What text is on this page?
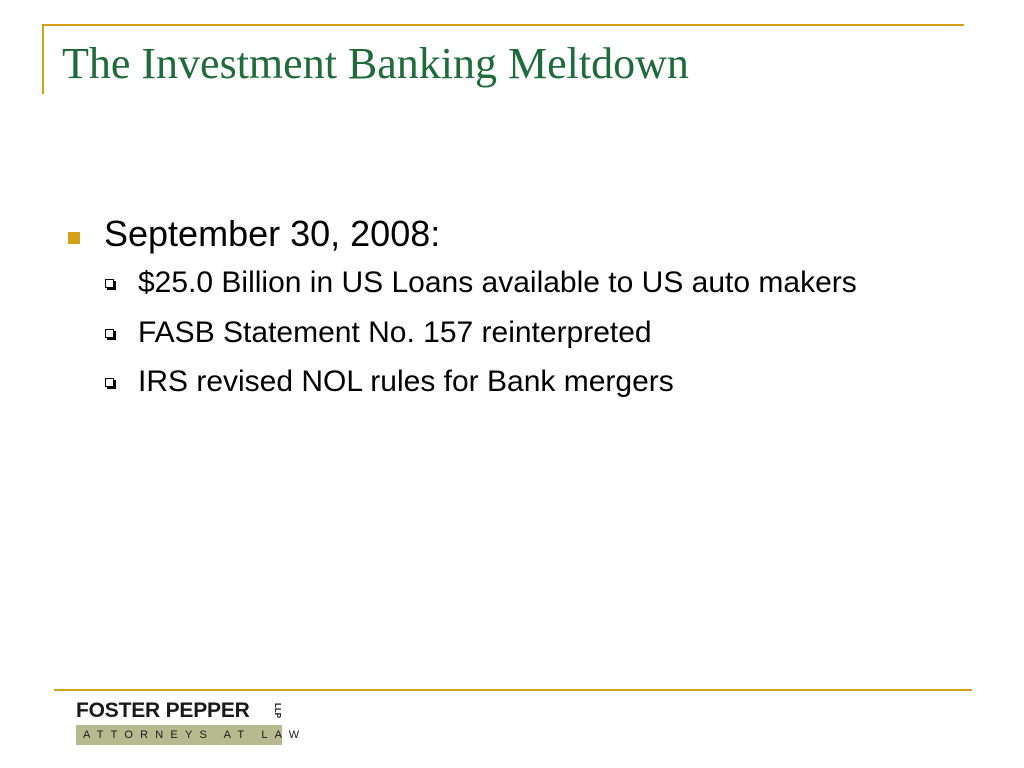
The Investment Banking Meltdown
September 30, 2008:
$25.0 Billion in US Loans available to US auto makers
FASB Statement No. 157 reinterpreted
IRS revised NOL rules for Bank mergers
FOSTER PEPPER	LLP
ATTORNEYS AT LAW
